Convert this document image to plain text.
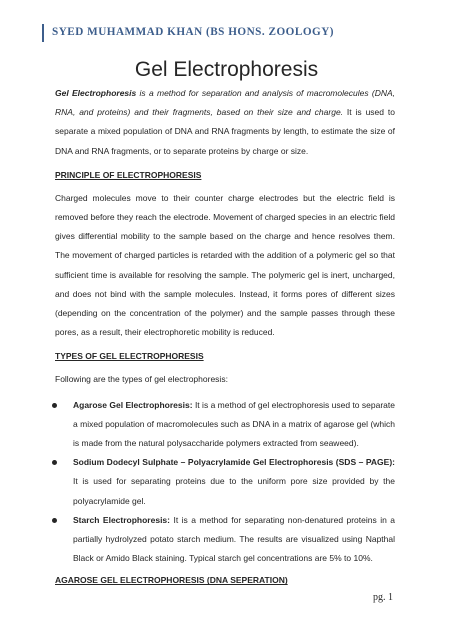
SYED MUHAMMAD KHAN (BS HONS. ZOOLOGY)
Gel Electrophoresis

Gel Electrophoresis is a method for separation and analysis of macromolecules (DNA, RNA, and proteins) and their fragments, based on their size and charge. It is used to separate a mixed population of DNA and RNA fragments by length, to estimate the size of DNA and RNA fragments, or to separate proteins by charge or size.

PRINCIPLE OF ELECTROPHORESIS

Charged molecules move to their counter charge electrodes but the electric field is removed before they reach the electrode. Movement of charged species in an electric field gives differential mobility to the sample based on the charge and hence resolves them. The movement of charged particles is retarded with the addition of a polymeric gel so that sufficient time is available for resolving the sample. The polymeric gel is inert, uncharged, and does not bind with the sample molecules. Instead, it forms pores of different sizes (depending on the concentration of the polymer) and the sample passes through these pores, as a result, their electrophoretic mobility is reduced.

TYPES OF GEL ELECTROPHORESIS

Following are the types of gel electrophoresis:

Agarose Gel Electrophoresis: It is a method of gel electrophoresis used to separate a mixed population of macromolecules such as DNA in a matrix of agarose gel (which is made from the natural polysaccharide polymers extracted from seaweed).
Sodium Dodecyl Sulphate – Polyacrylamide Gel Electrophoresis (SDS – PAGE): It is used for separating proteins due to the uniform pore size provided by the polyacrylamide gel.
Starch Electrophoresis: It is a method for separating non-denatured proteins in a partially hydrolyzed potato starch medium. The results are visualized using Napthal Black or Amido Black staining. Typical starch gel concentrations are 5% to 10%.
AGAROSE GEL ELECTROPHORESIS (DNA SEPERATION)
pg. 1
